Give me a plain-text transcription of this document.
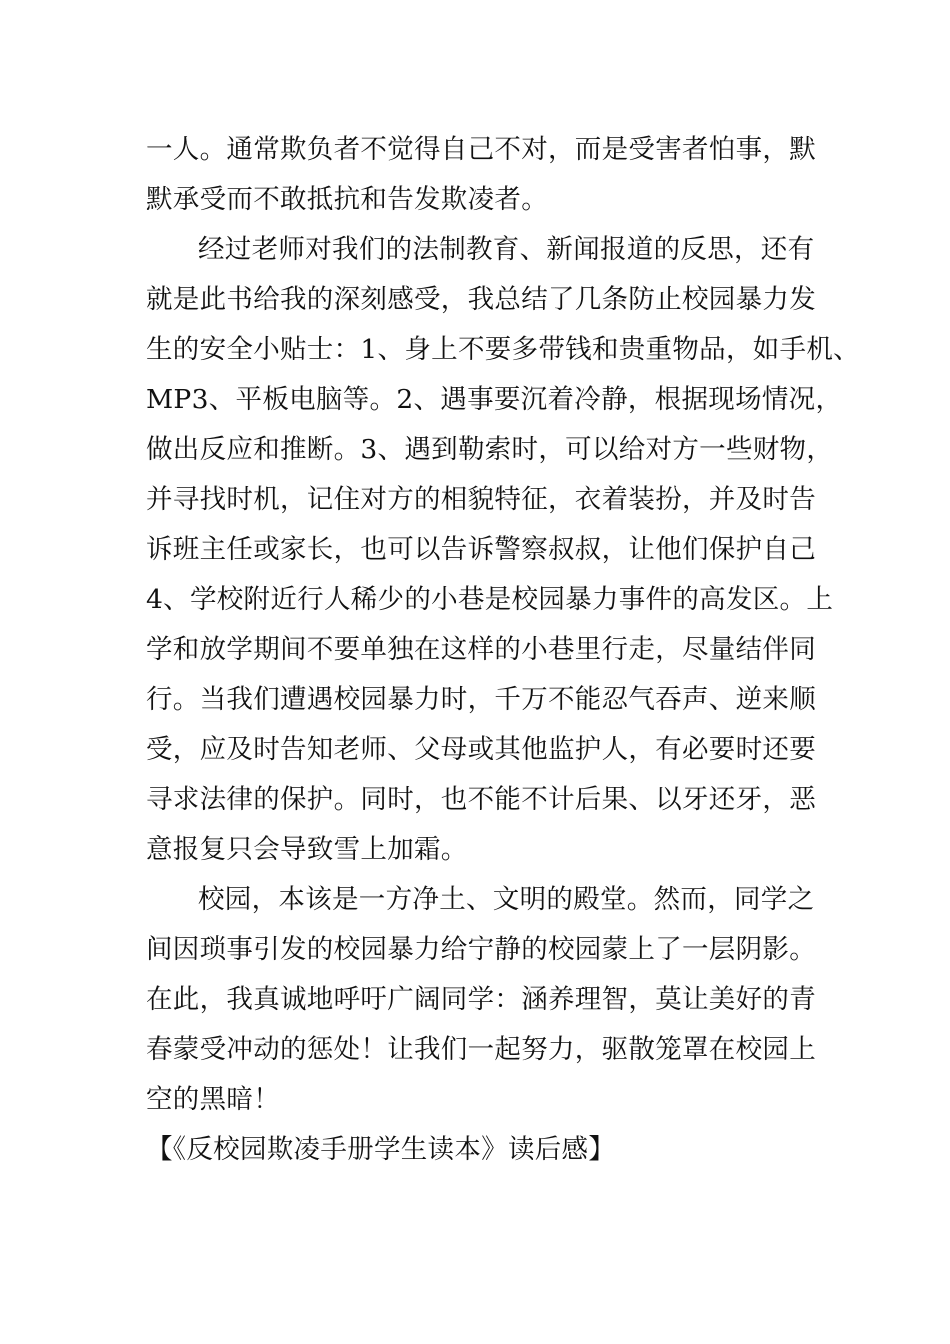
一人。通常欺负者不觉得自己不对，而是受害者怕事，默
默承受而不敢抵抗和告发欺凌者。
经过老师对我们的法制教育、新闻报道的反思，还有
就是此书给我的深刻感受，我总结了几条防止校园暴力发
生的安全小贴士：1、身上不要多带钱和贵重物品，如手机、
MP3、平板电脑等。2、遇事要沉着冷静，根据现场情况，
做出反应和推断。3、遇到勒索时，可以给对方一些财物，
并寻找时机，记住对方的相貌特征，衣着装扮，并及时告
诉班主任或家长，也可以告诉警察叔叔，让他们保护自己
4、学校附近行人稀少的小巷是校园暴力事件的高发区。上
学和放学期间不要单独在这样的小巷里行走，尽量结伴同
行。当我们遭遇校园暴力时，千万不能忍气吞声、逆来顺
受，应及时告知老师、父母或其他监护人，有必要时还要
寻求法律的保护。同时，也不能不计后果、以牙还牙，恶
意报复只会导致雪上加霜。
校园，本该是一方净土、文明的殿堂。然而，同学之
间因琐事引发的校园暴力给宁静的校园蒙上了一层阴影。
在此，我真诚地呼吁广阔同学：涵养理智，莫让美好的青
春蒙受冲动的惩处！让我们一起努力，驱散笼罩在校园上
空的黑暗！
【《反校园欺凌手册学生读本》读后感】
